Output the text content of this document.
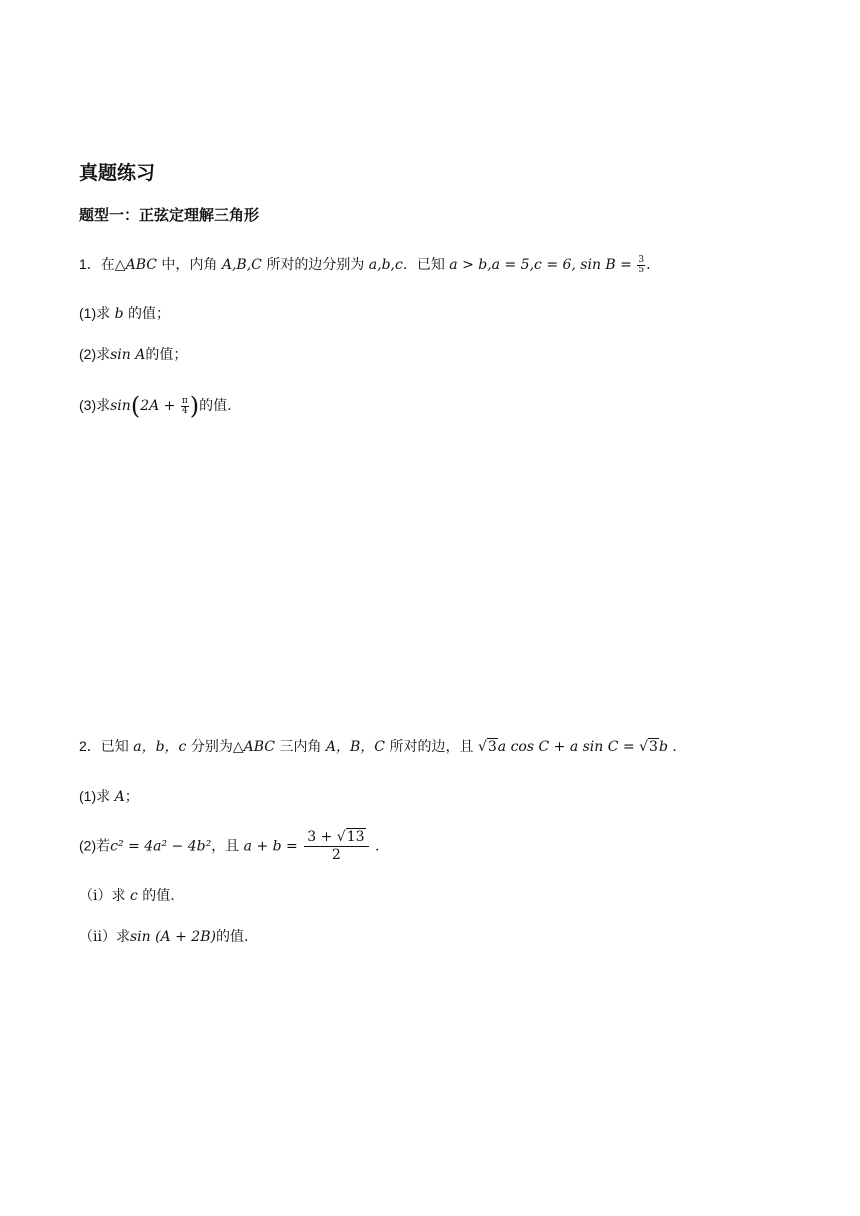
真题练习
题型一：正弦定理解三角形
1．在△ABC 中，内角 A,B,C 所对的边分别为 a,b,c．已知 a > b,a = 5,c = 6, $\sin B = \frac{3}{5}$ .
(1)求 b 的值；
(2)求sin A的值；
(3)求$\sin(2A + \frac{\pi}{4}$ )的值.
2．已知 a，b，c 分别为△ABC 三内角 A，B，C 所对的边，且 √3a cos C + a sin C = √3b .
(1)求 A；
(2)若c² = 4a² − 4b²，且 $a + b = \frac{3 + √13}{2}$ .
（i）求 c 的值.
（ii）求sin (A + 2B)的值.
